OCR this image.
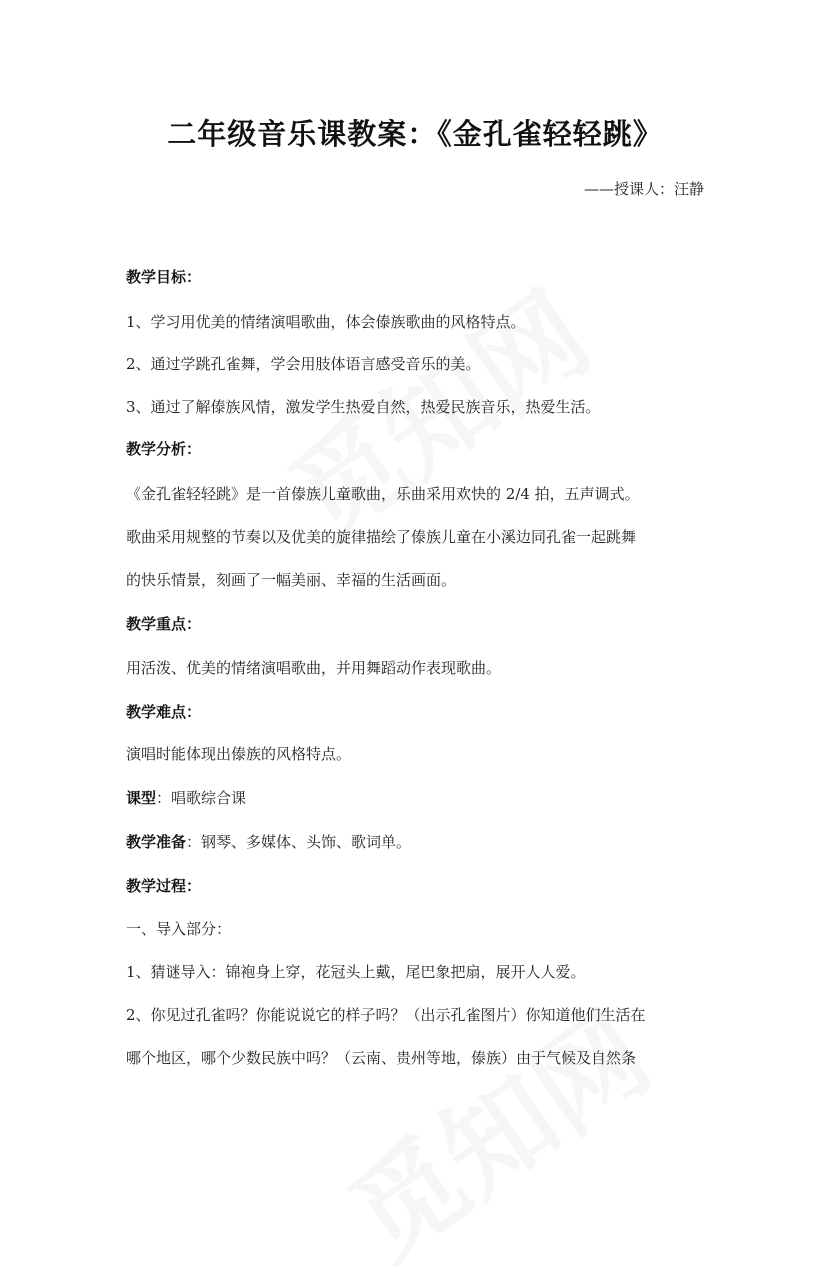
二年级音乐课教案：《金孔雀轻轻跳》
——授课人：汪静
教学目标：
1、学习用优美的情绪演唱歌曲，体会傣族歌曲的风格特点。
2、通过学跳孔雀舞，学会用肢体语言感受音乐的美。
3、通过了解傣族风情，激发学生热爱自然，热爱民族音乐，热爱生活。
教学分析：
《金孔雀轻轻跳》是一首傣族儿童歌曲，乐曲采用欢快的 2/4 拍，五声调式。
歌曲采用规整的节奏以及优美的旋律描绘了傣族儿童在小溪边同孔雀一起跳舞
的快乐情景，刻画了一幅美丽、幸福的生活画面。
教学重点：
用活泼、优美的情绪演唱歌曲，并用舞蹈动作表现歌曲。
教学难点：
演唱时能体现出傣族的风格特点。
课型：唱歌综合课
教学准备：钢琴、多媒体、头饰、歌词单。
教学过程：
一、导入部分：
1、猜谜导入：锦袍身上穿，花冠头上戴，尾巴象把扇，展开人人爱。
2、你见过孔雀吗？你能说说它的样子吗？（出示孔雀图片）你知道他们生活在
哪个地区，哪个少数民族中吗？（云南、贵州等地，傣族）由于气候及自然条
